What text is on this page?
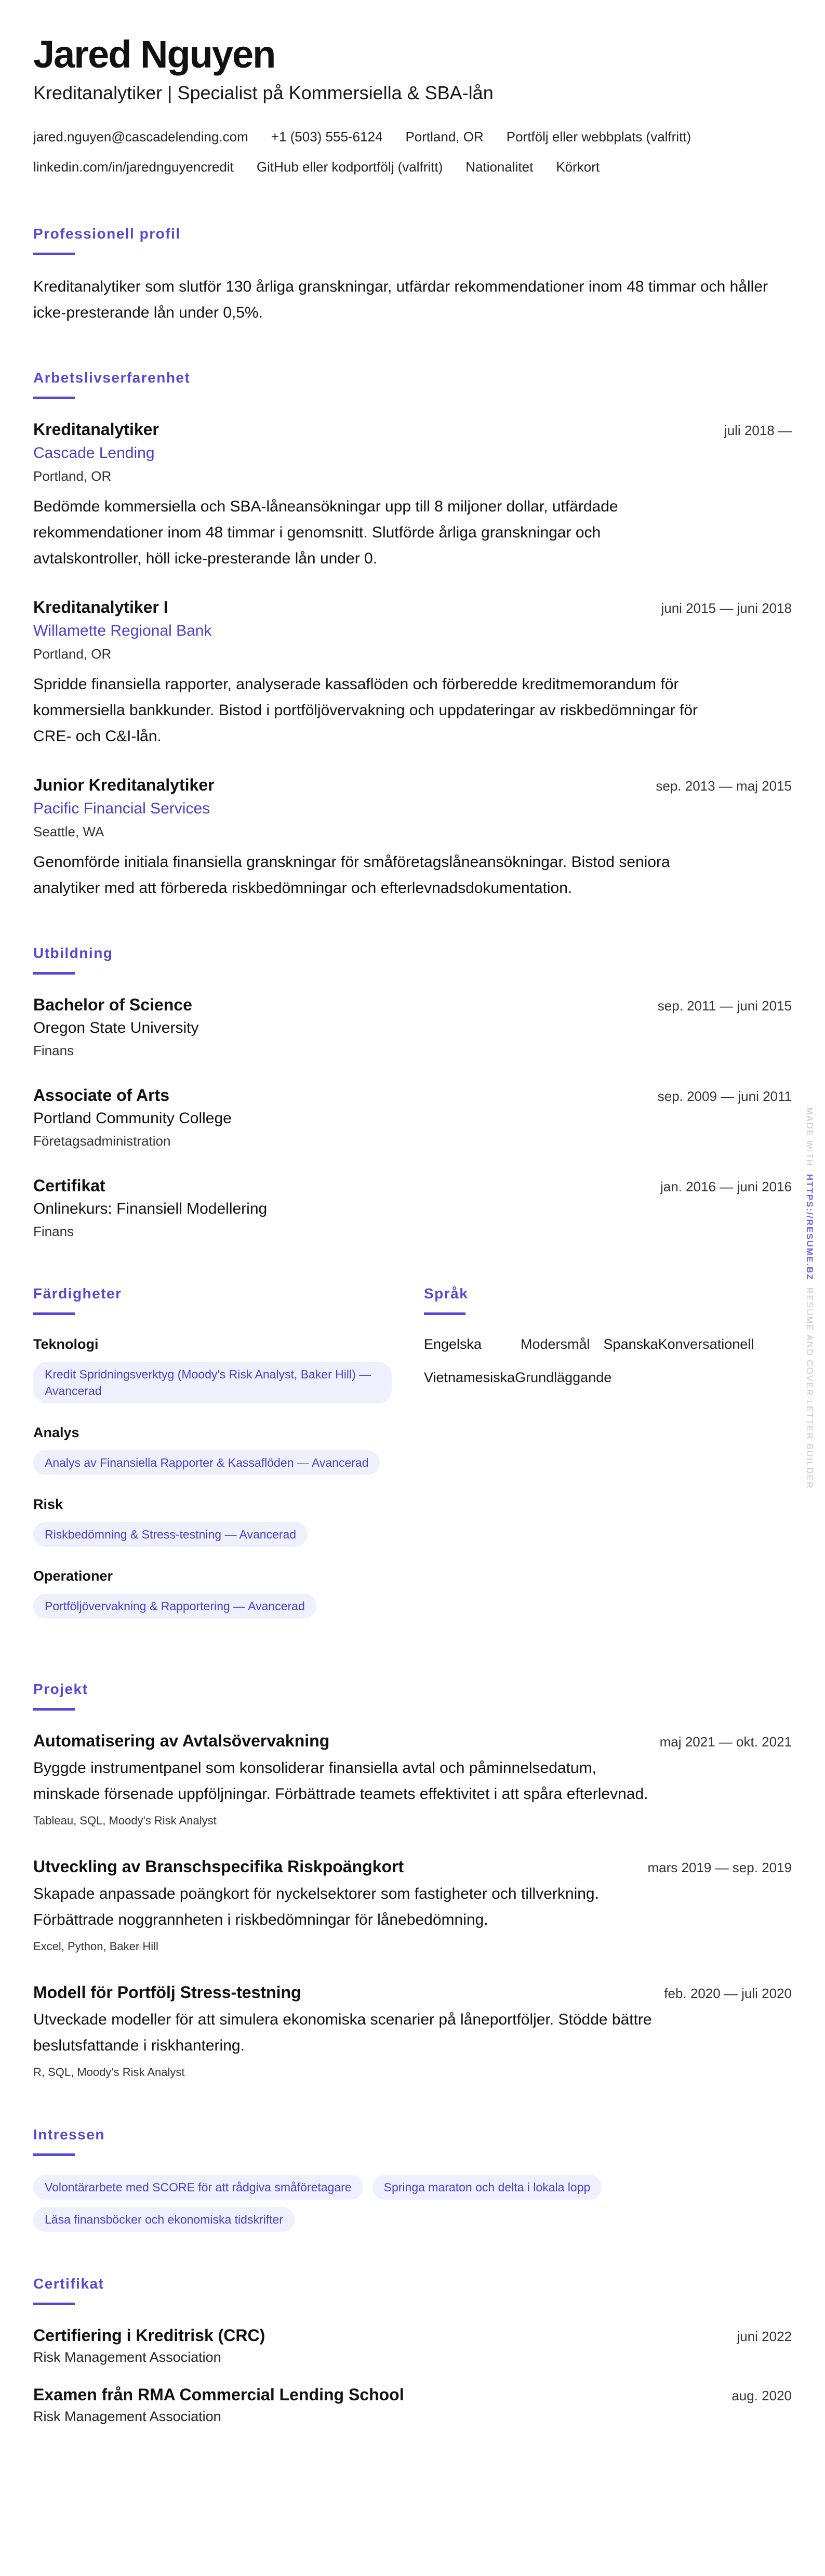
Jared Nguyen
Kreditanalytiker | Specialist på Kommersiella & SBA-lån
jared.nguyen@cascadelending.com +1 (503) 555-6124 Portland, OR Portfölj eller webbplats (valfritt)
linkedin.com/in/jarednguyencredit GitHub eller kodportfölj (valfritt) Nationalitet Körkort
Professionell profil

Kreditanalytiker som slutför 130 årliga granskningar, utfärdar rekommendationer inom 48 timmar och håller icke-presterande lån under 0,5%.

Arbetslivserfarenhet
Kreditanalytiker	juli 2018 —
Cascade Lending
Portland, OR

Bedömde kommersiella och SBA-låneansökningar upp till 8 miljoner dollar, utfärdade rekommendationer inom 48 timmar i genomsnitt. Slutförde årliga granskningar och avtalskontroller, höll icke-presterande lån under 0.

Kreditanalytiker I	juni 2015 — juni 2018
Willamette Regional Bank
Portland, OR

Spridde finansiella rapporter, analyserade kassaflöden och förberedde kreditmemorandum för kommersiella bankkunder. Bistod i portföljövervakning och uppdateringar av riskbedömningar för CRE- och C&I-lån.

Junior Kreditanalytiker	sep. 2013 — maj 2015
Pacific Financial Services
Seattle, WA

Genomförde initiala finansiella granskningar för småföretagslåneansökningar. Bistod seniora analytiker med att förbereda riskbedömningar och efterlevnadsdokumentation.

Utbildning
Bachelor of Science	sep. 2011 — juni 2015
Oregon State University
Finans
Associate of Arts	sep. 2009 — juni 2011
Portland Community College
Företagsadministration
Certifikat	jan. 2016 — juni 2016
Onlinekurs: Finansiell Modellering
Finans
Färdigheter
Teknologi
Kredit Spridningsverktyg (Moody's Risk Analyst, Baker Hill) — Avancerad
Analys
Analys av Finansiella Rapporter & Kassaflöden — Avancerad
Risk
Riskbedömning & Stress-testning — Avancerad
Operationer
Portföljövervakning & Rapportering — Avancerad
Språk
Engelska	Modersmål Spanska Konversationell
Vietnamesiska Grundläggande
Projekt
Automatisering av Avtalsövervakning	maj 2021 — okt. 2021

Byggde instrumentpanel som konsoliderar finansiella avtal och påminnelsedatum, minskade försenade uppföljningar. Förbättrade teamets effektivitet i att spåra efterlevnad.

Tableau, SQL, Moody's Risk Analyst
Utveckling av Branschspecifika Riskpoängkort	mars 2019 — sep. 2019

Skapade anpassade poängkort för nyckelsektorer som fastigheter och tillverkning. Förbättrade noggrannheten i riskbedömningar för lånebedömning.

Excel, Python, Baker Hill
Modell för Portfölj Stress-testning	feb. 2020 — juli 2020

Utveckade modeller för att simulera ekonomiska scenarier på låneportföljer. Stödde bättre beslutsfattande i riskhantering.

R, SQL, Moody's Risk Analyst
Intressen
Volontärarbete med SCORE för att rådgiva småföretagare	Springa maraton och delta i lokala lopp
Läsa finansböcker och ekonomiska tidskrifter
Certifikat
Certifiering i Kreditrisk (CRC)	juni 2022
Risk Management Association
Examen från RMA Commercial Lending School	aug. 2020
Risk Management Association
MADE WITH  HTTPS://RESUME.BZ  RESUME AND COVER LETTER BUILDER
